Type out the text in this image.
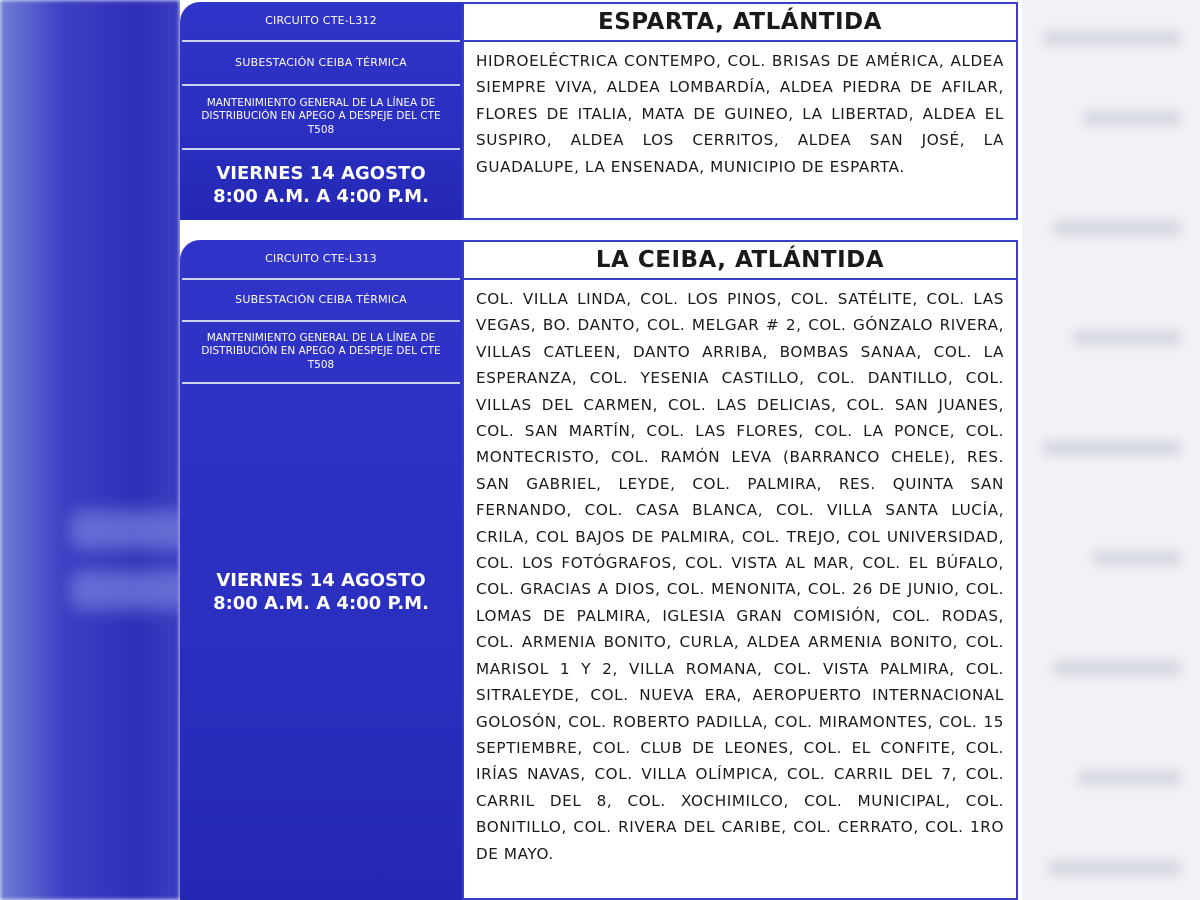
CIRCUITO CTE-L312
SUBESTACIÓN CEIBA TÉRMICA
MANTENIMIENTO GENERAL DE LA LÍNEA DE DISTRIBUCIÓN EN APEGO A DESPEJE DEL CTE T508
VIERNES 14 AGOSTO
8:00 A.M. A 4:00 P.M.
ESPARTA, ATLÁNTIDA
HIDROELÉCTRICA CONTEMPO, COL. BRISAS DE AMÉRICA, ALDEA SIEMPRE VIVA, ALDEA LOMBARDÍA, ALDEA PIEDRA DE AFILAR, FLORES DE ITALIA, MATA DE GUINEO, LA LIBERTAD, ALDEA EL SUSPIRO, ALDEA LOS CERRITOS, ALDEA SAN JOSÉ, LA GUADALUPE, LA ENSENADA, MUNICIPIO DE ESPARTA.
CIRCUITO CTE-L313
SUBESTACIÓN CEIBA TÉRMICA
MANTENIMIENTO GENERAL DE LA LÍNEA DE DISTRIBUCIÓN EN APEGO A DESPEJE DEL CTE T508
VIERNES 14 AGOSTO
8:00 A.M. A 4:00 P.M.
LA CEIBA, ATLÁNTIDA
COL. VILLA LINDA, COL. LOS PINOS, COL. SATÉLITE, COL. LAS VEGAS, BO. DANTO, COL. MELGAR # 2, COL. GÓNZALO RIVERA, VILLAS CATLEEN, DANTO ARRIBA, BOMBAS SANAA, COL. LA ESPERANZA, COL. YESENIA CASTILLO, COL. DANTILLO, COL. VILLAS DEL CARMEN, COL. LAS DELICIAS, COL. SAN JUANES, COL. SAN MARTÍN, COL. LAS FLORES, COL. LA PONCE, COL. MONTECRISTO, COL. RAMÓN LEVA (BARRANCO CHELE), RES. SAN GABRIEL, LEYDE, COL. PALMIRA, RES. QUINTA SAN FERNANDO, COL. CASA BLANCA, COL. VILLA SANTA LUCÍA, CRILA, COL BAJOS DE PALMIRA, COL. TREJO, COL UNIVERSIDAD, COL. LOS FOTÓGRAFOS, COL. VISTA AL MAR, COL. EL BÚFALO, COL. GRACIAS A DIOS, COL. MENONITA, COL. 26 DE JUNIO, COL. LOMAS DE PALMIRA, IGLESIA GRAN COMISIÓN, COL. RODAS, COL. ARMENIA BONITO, CURLA, ALDEA ARMENIA BONITO, COL. MARISOL 1 Y 2, VILLA ROMANA, COL. VISTA PALMIRA, COL. SITRALEYDE, COL. NUEVA ERA, AEROPUERTO INTERNACIONAL GOLOSÓN, COL. ROBERTO PADILLA, COL. MIRAMONTES, COL. 15 SEPTIEMBRE, COL. CLUB DE LEONES, COL. EL CONFITE, COL. IRÍAS NAVAS, COL. VILLA OLÍMPICA, COL. CARRIL DEL 7, COL. CARRIL DEL 8, COL. XOCHIMILCO, COL. MUNICIPAL, COL. BONITILLO, COL. RIVERA DEL CARIBE, COL. CERRATO, COL. 1RO DE MAYO.
